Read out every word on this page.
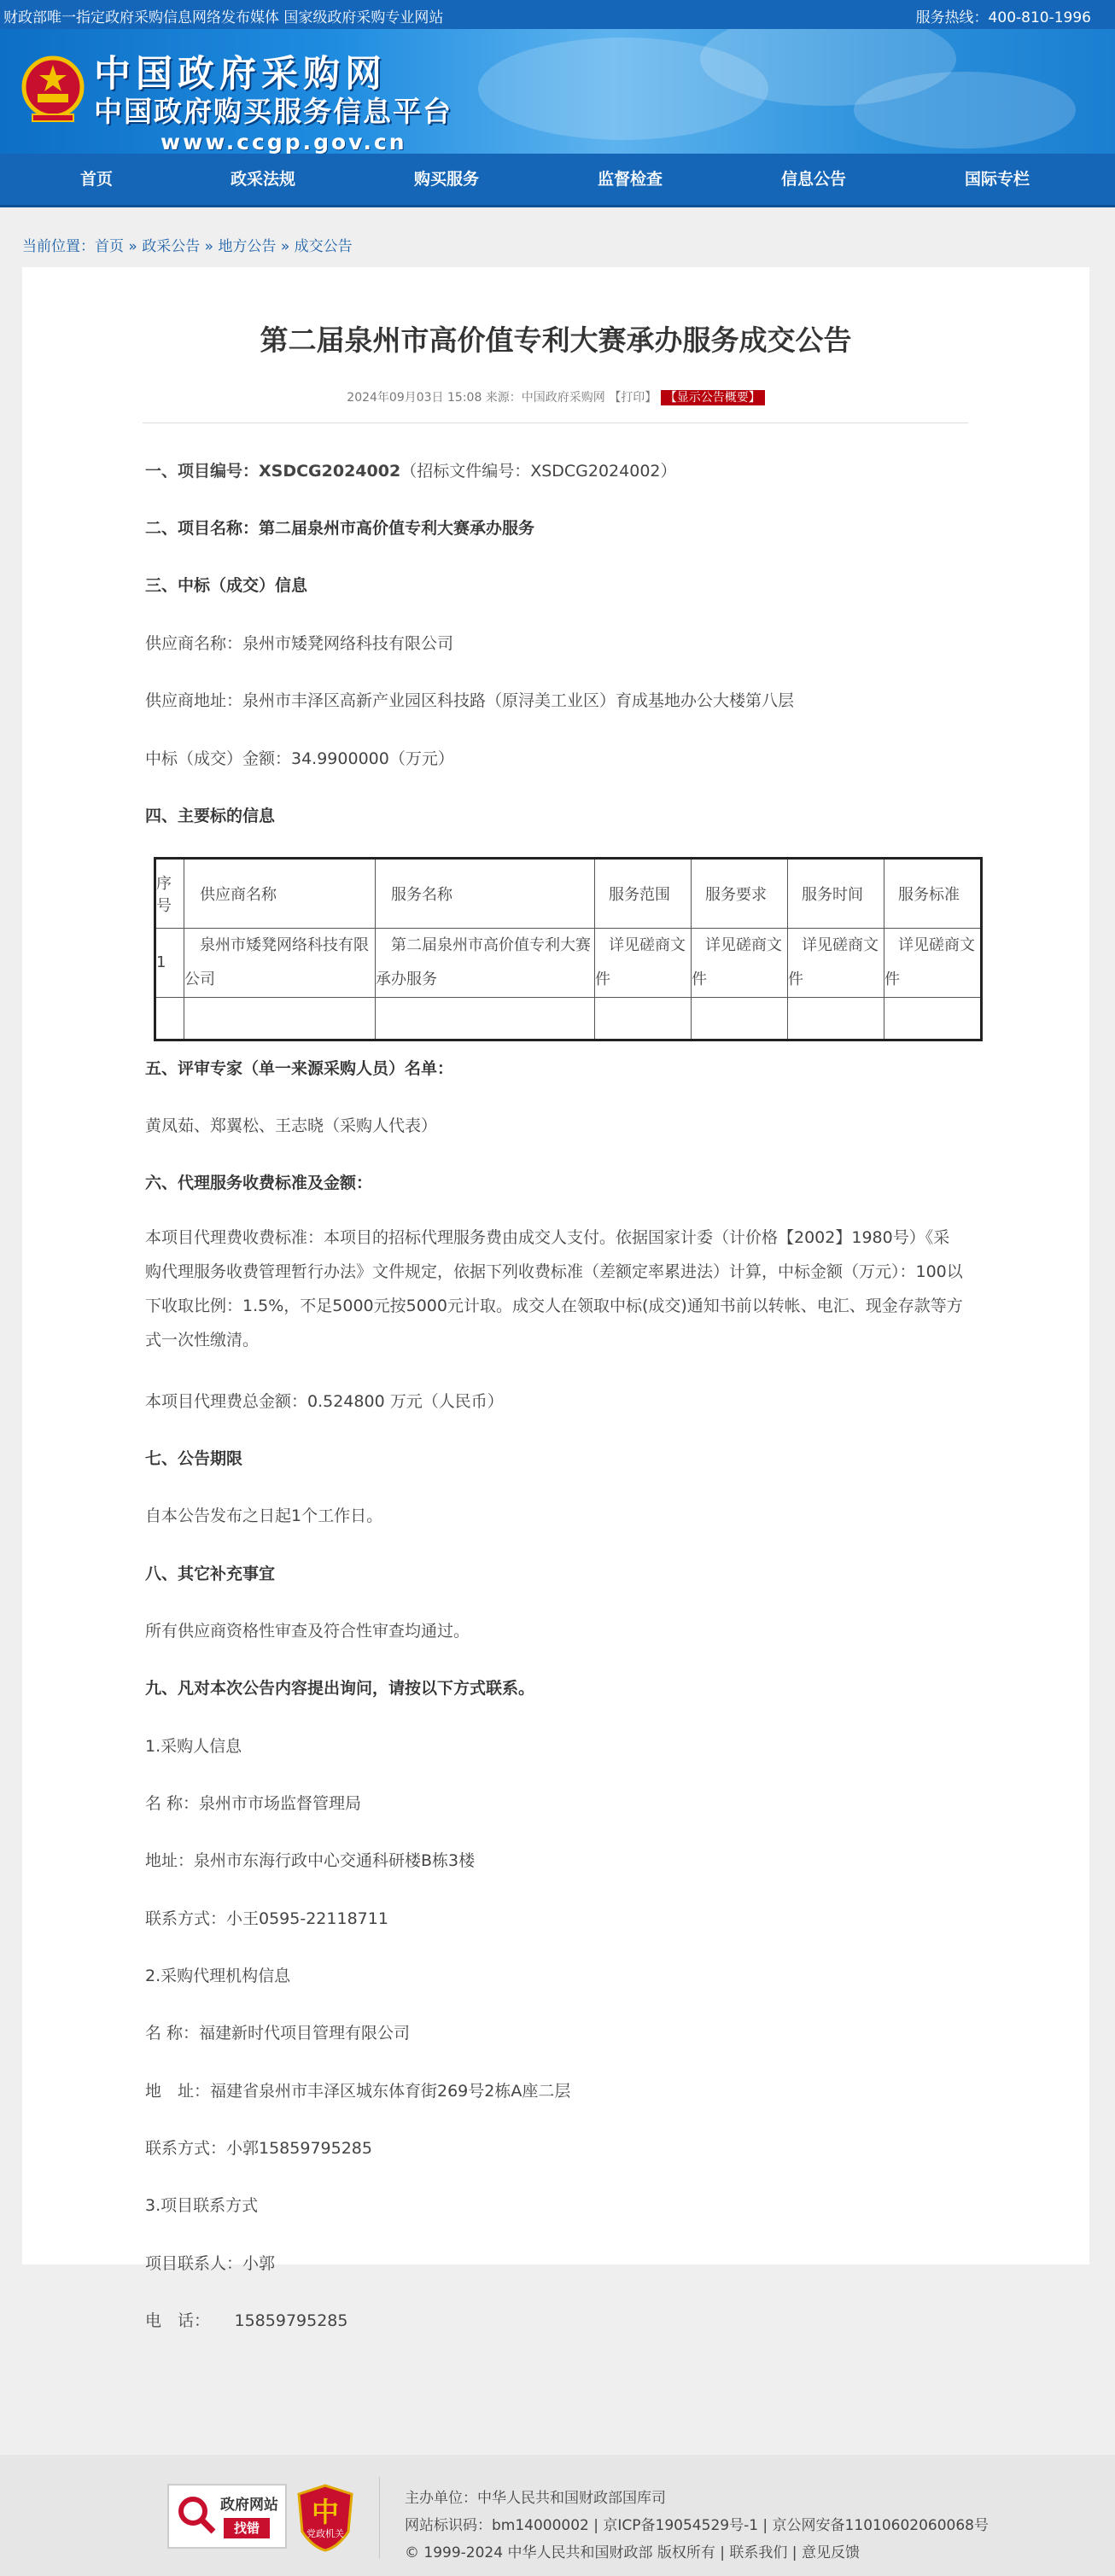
财政部唯一指定政府采购信息网络发布媒体 国家级政府采购专业网站	服务热线：400-810-1996
中国政府采购网
中国政府购买服务信息平台
www.ccgp.gov.cn
首页	政采法规	购买服务	监督检查	信息公告	国际专栏
当前位置：首页 » 政采公告 » 地方公告 » 成交公告
第二届泉州市高价值专利大赛承办服务成交公告
2024年09月03日 15:08 来源：中国政府采购网 【打印】 【显示公告概要】
一、项目编号：XSDCG2024002（招标文件编号：XSDCG2024002）
二、项目名称：第二届泉州市高价值专利大赛承办服务
三、中标（成交）信息
供应商名称：泉州市矮凳网络科技有限公司
供应商地址：泉州市丰泽区高新产业园区科技路（原浔美工业区）育成基地办公大楼第八层
中标（成交）金额：34.9900000（万元）
四、主要标的信息
序号	供应商名称	服务名称	服务范围	服务要求	服务时间	服务标准
1	泉州市矮凳网络科技有限公司	第二届泉州市高价值专利大赛承办服务	详见磋商文件	详见磋商文件	详见磋商文件	详见磋商文件

五、评审专家（单一来源采购人员）名单：
黄凤茹、郑翼松、王志晓（采购人代表）
六、代理服务收费标准及金额：
本项目代理费收费标准：本项目的招标代理服务费由成交人支付。依据国家计委（计价格【2002】1980号）《采购代理服务收费管理暂行办法》文件规定，依据下列收费标准（差额定率累进法）计算，中标金额（万元）：100以下收取比例：1.5%，不足5000元按5000元计取。成交人在领取中标(成交)通知书前以转帐、电汇、现金存款等方式一次性缴清。
本项目代理费总金额：0.524800 万元（人民币）
七、公告期限
自本公告发布之日起1个工作日。
八、其它补充事宜
所有供应商资格性审查及符合性审查均通过。
九、凡对本次公告内容提出询问，请按以下方式联系。
1.采购人信息
名 称：泉州市市场监督管理局
地址：泉州市东海行政中心交通科研楼B栋3楼
联系方式：小王0595-22118711
2.采购代理机构信息
名 称：福建新时代项目管理有限公司
地　址：福建省泉州市丰泽区城东体育街269号2栋A座二层
联系方式：小郭15859795285
3.项目联系方式
项目联系人：小郭
电　话：　　15859795285
政府网站
找错	中
党政机关
主办单位：中华人民共和国财政部国库司
网站标识码：bm14000002 | 京ICP备19054529号-1 | 京公网安备11010602060068号
© 1999-2024 中华人民共和国财政部 版权所有 | 联系我们 | 意见反馈
